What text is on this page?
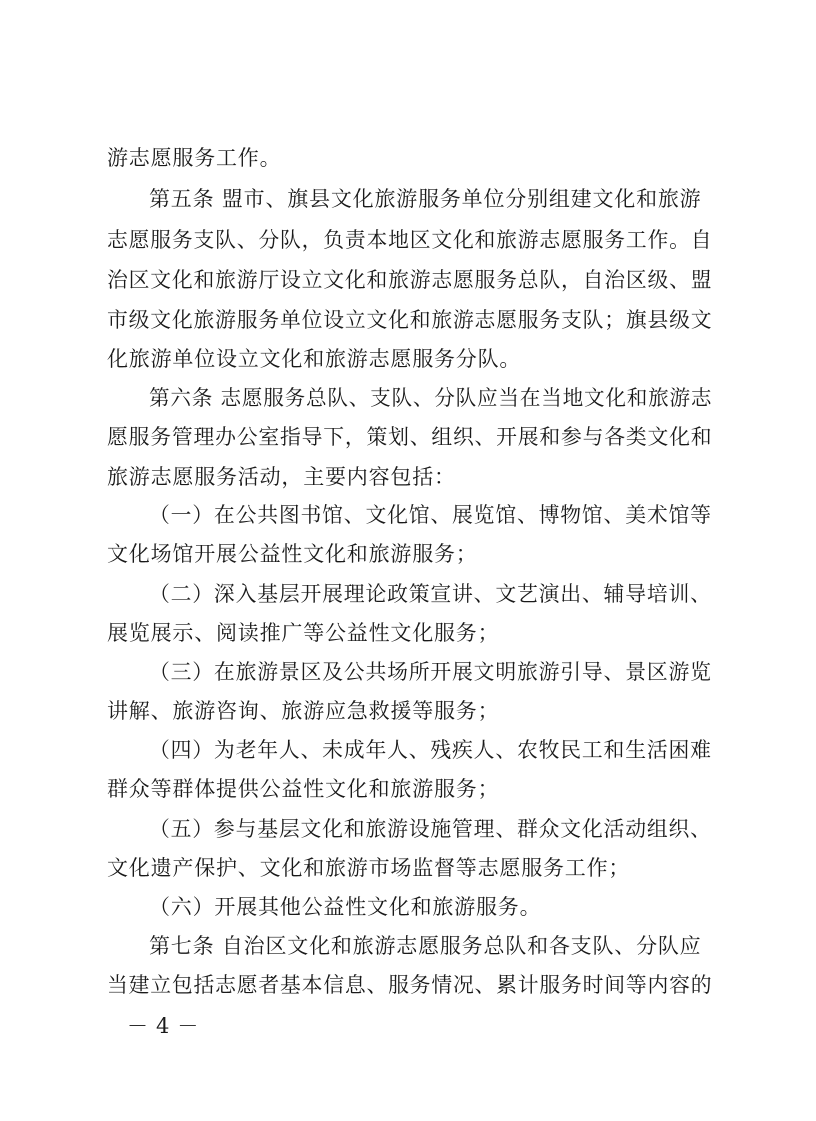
游志愿服务工作。
第五条 盟市、旗县文化旅游服务单位分别组建文化和旅游
志愿服务支队、分队，负责本地区文化和旅游志愿服务工作。自
治区文化和旅游厅设立文化和旅游志愿服务总队，自治区级、盟
市级文化旅游服务单位设立文化和旅游志愿服务支队；旗县级文
化旅游单位设立文化和旅游志愿服务分队。
第六条 志愿服务总队、支队、分队应当在当地文化和旅游志
愿服务管理办公室指导下，策划、组织、开展和参与各类文化和
旅游志愿服务活动，主要内容包括：
（一）在公共图书馆、文化馆、展览馆、博物馆、美术馆等
文化场馆开展公益性文化和旅游服务；
（二）深入基层开展理论政策宣讲、文艺演出、辅导培训、
展览展示、阅读推广等公益性文化服务；
（三）在旅游景区及公共场所开展文明旅游引导、景区游览
讲解、旅游咨询、旅游应急救援等服务；
（四）为老年人、未成年人、残疾人、农牧民工和生活困难
群众等群体提供公益性文化和旅游服务；
（五）参与基层文化和旅游设施管理、群众文化活动组织、
文化遗产保护、文化和旅游市场监督等志愿服务工作；
（六）开展其他公益性文化和旅游服务。
第七条 自治区文化和旅游志愿服务总队和各支队、分队应
当建立包括志愿者基本信息、服务情况、累计服务时间等内容的
－4－
